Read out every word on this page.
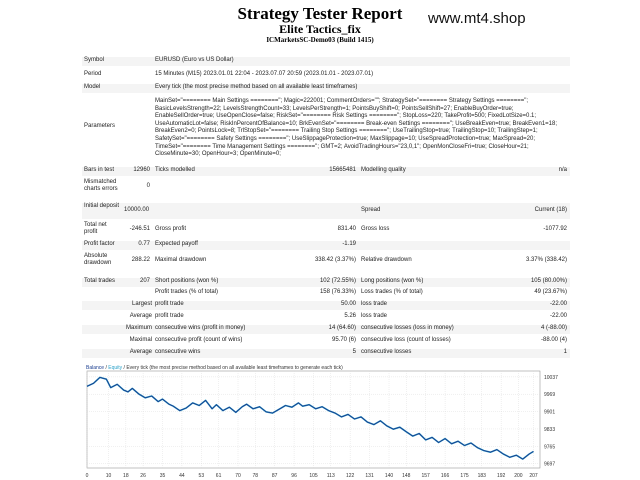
Strategy Tester Report
Elite Tactics_fix
ICMarketsSC-Demo03 (Build 1415)
www.mt4.shop
Symbol	EURUSD (Euro vs US Dollar)
Period	15 Minutes (M15) 2023.01.01 22:04 - 2023.07.07 20:59 (2023.01.01 - 2023.07.01)
Model	Every tick (the most precise method based on all available least timeframes)
Parameters
MainSet="======== Main Settings ========"; Magic=222001; CommentOrders=""; StrategySet="======== Strategy Settings ========"; BasicLevelsStrength=22; LevelsStrengthCount=33; LevelsPerStrength=1; PointsBuyShift=0; PointsSellShift=27; EnableBuyOrder=true; EnableSellOrder=true; UseOpenClose=false; RiskSet="======== Risk Settings ========"; StopLoss=220; TakeProfit=500; FixedLotSize=0.1; UseAutomaticLot=false; RiskInPercentOfBalance=10; BrkEvenSet="======== Break-even Settings ========"; UseBreakEven=true; BreakEven1=18; BreakEven2=0; PointsLock=8; TrlStopSet="======== Trailing Stop Settings ========"; UseTrailingStop=true; TrailingStop=10; TrailingStep=1; SafetySet="======== Safety Settings ========"; UseSlippageProtection=true; MaxSlippage=10; UseSpreadProtection=true; MaxSpread=20; TimeSet="======== Time Management Settings ========"; GMT=2; AvoidTradingHours="23,0,1"; OpenMonCloseFri=true; CloseHour=21; CloseMinute=30; OpenHour=3; OpenMinute=0;
Bars in test	12960 Ticks modelled	15665481 Modelling quality	n/a
Mismatched charts errors	0
Initial deposit
10000.00	Spread	Current (18)
Total net profit	-246.51 Gross profit	831.40 Gross loss	-1077.92
Profit factor	0.77 Expected payoff	-1.19
Absolute drawdown	288.22 Maximal drawdown	338.42 (3.37%) Relative drawdown	3.37% (338.42)
Total trades	207 Short positions (won %)	102 (72.55%) Long positions (won %)	105 (80.00%)
Profit trades (% of total)	158 (76.33%) Loss trades (% of total)	49 (23.67%)
Largest profit trade	50.00 loss trade	-22.00
Average profit trade	5.26 loss trade	-22.00
Maximum consecutive wins (profit in money)	14 (64.60) consecutive losses (loss in money)	4 (-88.00)
Maximal consecutive profit (count of wins)	95.70 (6) consecutive loss (count of losses)	-88.00 (4)
Average consecutive wins	5 consecutive losses	1
0	10 18 26	35	44	53 61	70 78	87	96 105 113 122 131 140 148 157 166 175 183 192 200 207
10037
9969
9901
9833
9765
9697
Balance / Equity / Every tick (the most precise method based on all available least timeframes to generate each tick)
